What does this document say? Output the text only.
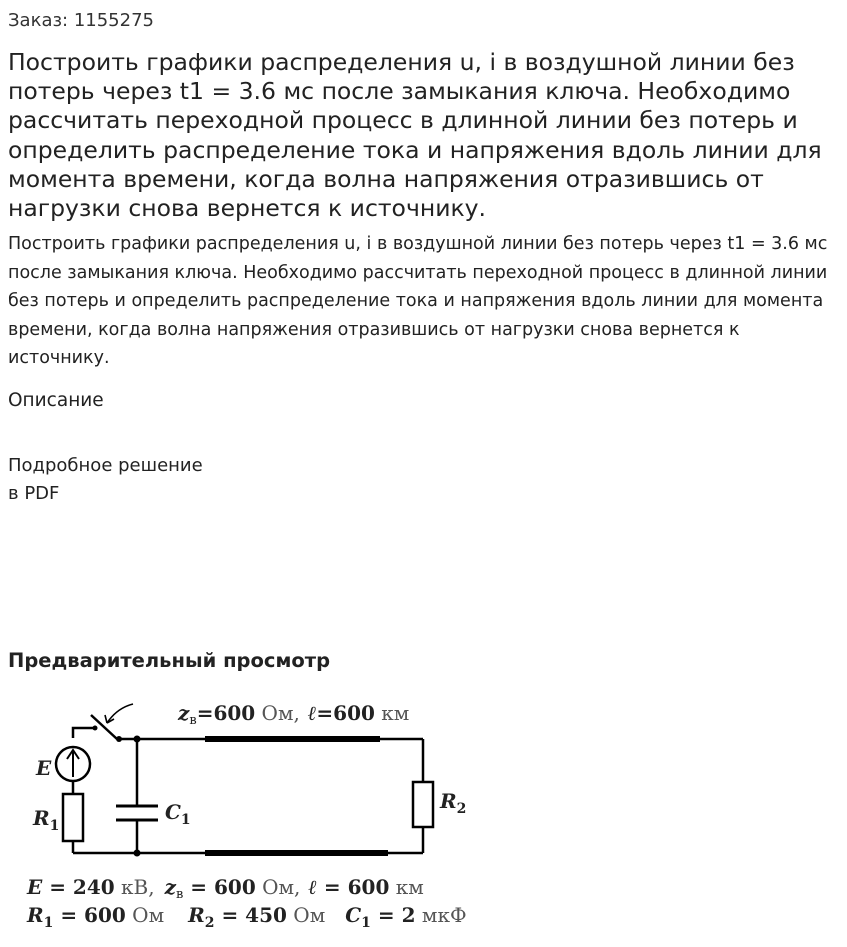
Заказ: 1155275
Построить графики распределения u, i в воздушной линии без потерь через t1 = 3.6 мс после замыкания ключа. Необходимо рассчитать переходной процесс в длинной линии без потерь и определить распределение тока и напряжения вдоль линии для момента времени, когда волна напряжения отразившись от нагрузки снова вернется к источнику.

Построить графики распределения u, i в воздушной линии без потерь через t1 = 3.6 мс после замыкания ключа. Необходимо рассчитать переходной процесс в длинной линии без потерь и определить распределение тока и напряжения вдоль линии для момента времени, когда волна напряжения отразившись от нагрузки снова вернется к источнику.

Описание
Подробное решение
в PDF
Предварительный просмотр
$z_в=600$ Ом, ℓ=600 км
E
$R_1$
$C_1$
$R_2$
E = 240 кВ, $z_в = 600$ Ом, ℓ = 600 км
$R_1 = 600$ Ом $R_2 = 450$ Ом $C_1 = 2$ мкФ
